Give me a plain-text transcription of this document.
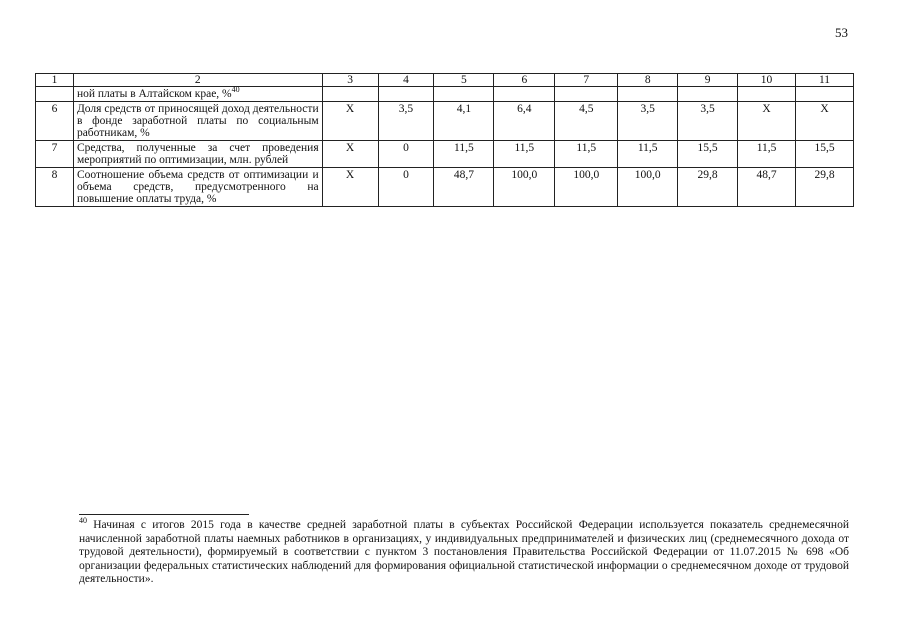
53
1	2	3	4	5	6	7	8	9	10	11
	ной платы в Алтайском крае, %$^{40}$									
6	Доля средств от приносящей доход деятельности в фонде заработной платы по социальным работникам, %	Х	3,5	4,1	6,4	4,5	3,5	3,5	Х	Х
7	Средства, полученные за счет проведения мероприятий по оптимизации, млн. рублей	Х	0	11,5	11,5	11,5	11,5	15,5	11,5	15,5
8	Соотношение объема средств от оптимизации и объема средств, предусмотренного на повышение оплаты труда, %	Х	0	48,7	100,0	100,0	100,0	29,8	48,7	29,8
$^{40}$ Начиная с итогов 2015 года в качестве средней заработной платы в субъектах Российской Федерации используется показатель среднемесячной начисленной заработной платы наемных работников в организациях, у индивидуальных предпринимателей и физических лиц (среднемесячного дохода от трудовой деятельности), формируемый в соответствии с пунктом 3 постановления Правительства Российской Федерации от 11.07.2015 № 698 «Об организации федеральных статистических наблюдений для формирования официальной статистической информации о среднемесячном доходе от трудовой деятельности».
